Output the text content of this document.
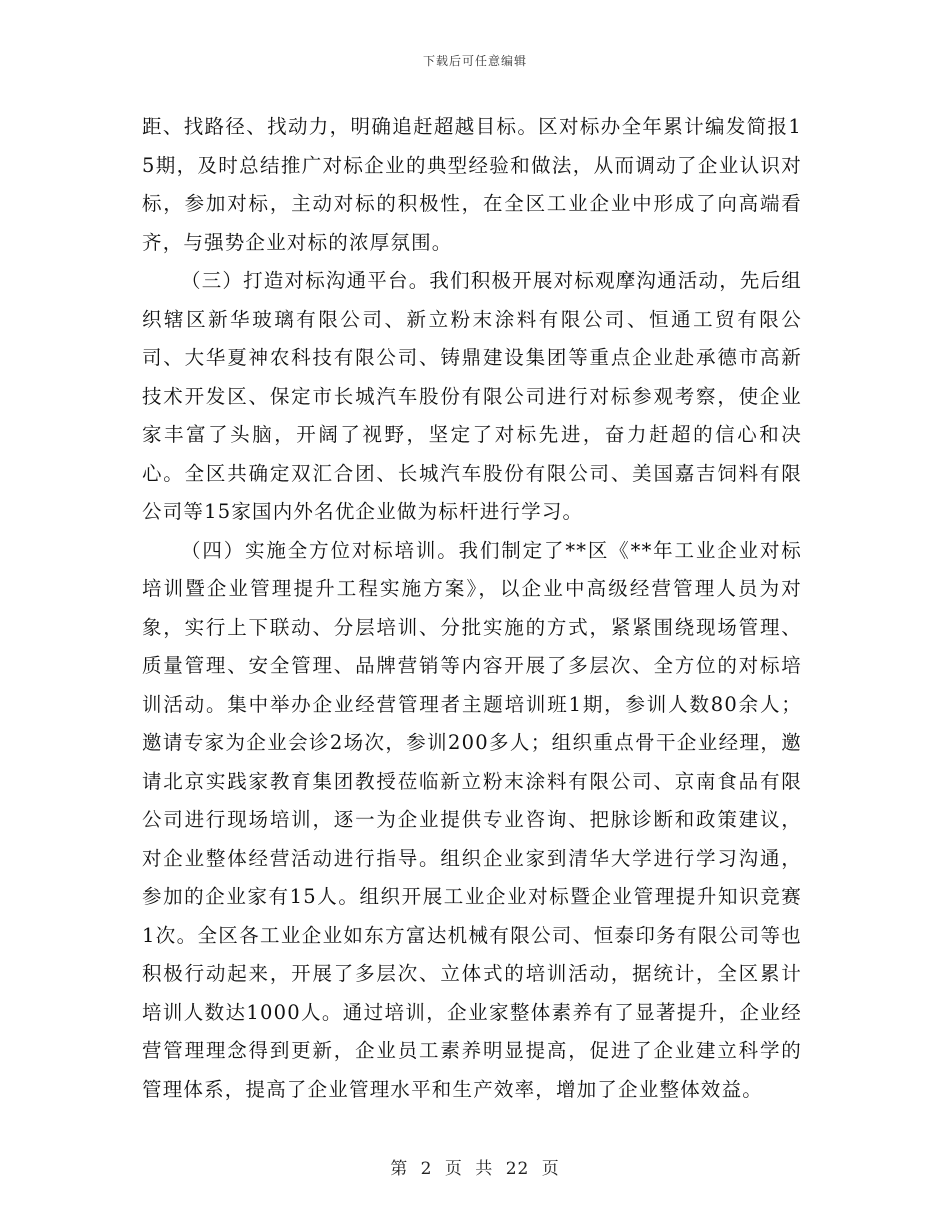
下载后可任意编辑

距、找路径、找动力，明确追赶超越目标。区对标办全年累计编发简报15期，及时总结推广对标企业的典型经验和做法，从而调动了企业认识对标，参加对标，主动对标的积极性，在全区工业企业中形成了向高端看齐，与强势企业对标的浓厚氛围。

（三）打造对标沟通平台。我们积极开展对标观摩沟通活动，先后组织辖区新华玻璃有限公司、新立粉末涂料有限公司、恒通工贸有限公司、大华夏神农科技有限公司、铸鼎建设集团等重点企业赴承德市高新技术开发区、保定市长城汽车股份有限公司进行对标参观考察，使企业家丰富了头脑，开阔了视野，坚定了对标先进，奋力赶超的信心和决心。全区共确定双汇合团、长城汽车股份有限公司、美国嘉吉饲料有限公司等15家国内外名优企业做为标杆进行学习。

（四）实施全方位对标培训。我们制定了**区《**年工业企业对标培训暨企业管理提升工程实施方案》，以企业中高级经营管理人员为对象，实行上下联动、分层培训、分批实施的方式，紧紧围绕现场管理、质量管理、安全管理、品牌营销等内容开展了多层次、全方位的对标培训活动。集中举办企业经营管理者主题培训班1期，参训人数80余人；邀请专家为企业会诊2场次，参训200多人；组织重点骨干企业经理，邀请北京实践家教育集团教授莅临新立粉末涂料有限公司、京南食品有限公司进行现场培训，逐一为企业提供专业咨询、把脉诊断和政策建议，对企业整体经营活动进行指导。组织企业家到清华大学进行学习沟通，参加的企业家有15人。组织开展工业企业对标暨企业管理提升知识竞赛1次。全区各工业企业如东方富达机械有限公司、恒泰印务有限公司等也积极行动起来，开展了多层次、立体式的培训活动，据统计，全区累计培训人数达1000人。通过培训，企业家整体素养有了显著提升，企业经营管理理念得到更新，企业员工素养明显提高，促进了企业建立科学的管理体系，提高了企业管理水平和生产效率，增加了企业整体效益。

第 2 页 共 22 页
